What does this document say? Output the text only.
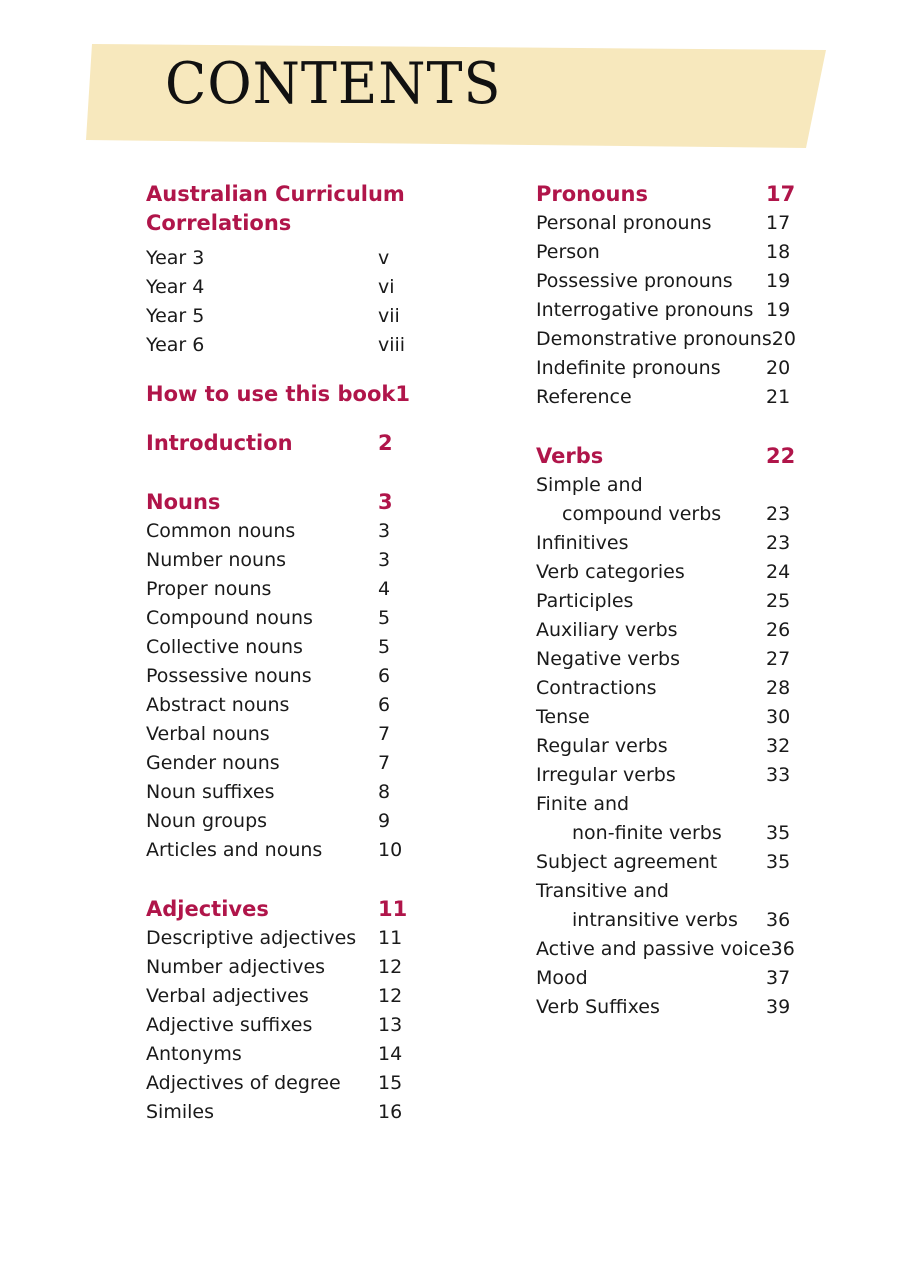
CONTENTS
Australian Curriculum
Correlations
Year 3	v
Year 4	vi
Year 5	vii
Year 6	viii
How to use this book 1
Introduction	2
Nouns	3
Common nouns	3
Number nouns	3
Proper nouns	4
Compound nouns	5
Collective nouns	5
Possessive nouns	6
Abstract nouns	6
Verbal nouns	7
Gender nouns	7
Noun suffixes	8
Noun groups	9
Articles and nouns	10
Adjectives	11
Descriptive adjectives 11
Number adjectives	12
Verbal adjectives	12
Adjective suffixes	13
Antonyms	14
Adjectives of degree 15
Similes	16
Pronouns	17
Personal pronouns	17
Person	18
Possessive pronouns 19
Interrogative pronouns 19
Demonstrative pronouns 20
Indefinite pronouns 20
Reference	21
Verbs	22
Simple and
compound verbs 23
Infinitives	23
Verb categories	24
Participles	25
Auxiliary verbs	26
Negative verbs	27
Contractions	28
Tense	30
Regular verbs	32
Irregular verbs	33
Finite and
non-finite verbs 35
Subject agreement	35
Transitive and
intransitive verbs 36
Active and passive voice 36
Mood	37
Verb Suffixes	39
